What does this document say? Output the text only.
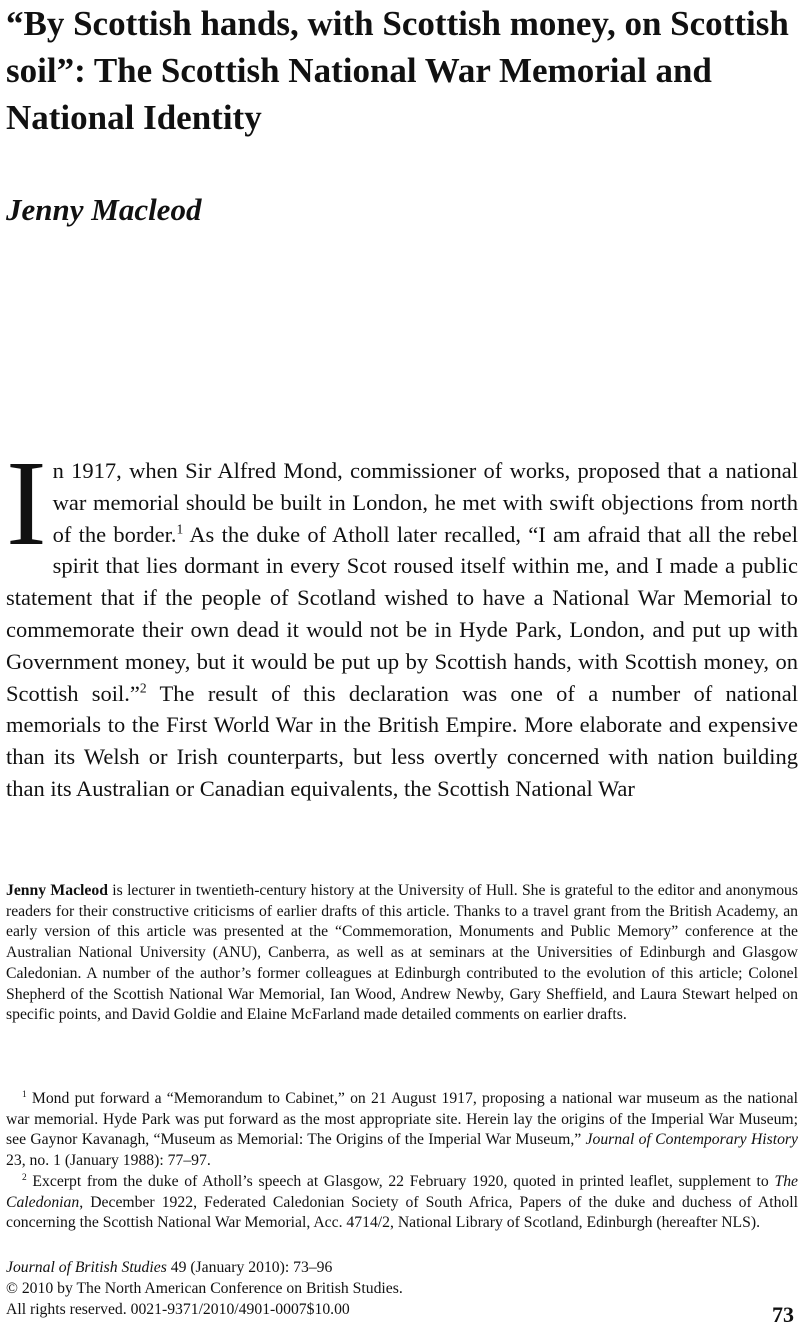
“By Scottish hands, with Scottish money, on Scottish soil”: The Scottish National War Memorial and National Identity
Jenny Macleod

In 1917, when Sir Alfred Mond, commissioner of works, proposed that a national war memorial should be built in London, he met with swift objections from north of the border.$^1$ As the duke of Atholl later recalled, “I am afraid that all the rebel spirit that lies dormant in every Scot roused itself within me, and I made a public statement that if the people of Scotland wished to have a National War Memorial to commemorate their own dead it would not be in Hyde Park, London, and put up with Government money, but it would be put up by Scottish hands, with Scottish money, on Scottish soil.”$^2$ The result of this declaration was one of a number of national memorials to the First World War in the British Empire. More elaborate and expensive than its Welsh or Irish counterparts, but less overtly concerned with nation building than its Australian or Canadian equivalents, the Scottish National War

Jenny Macleod is lecturer in twentieth-century history at the University of Hull. She is grateful to the editor and anonymous readers for their constructive criticisms of earlier drafts of this article. Thanks to a travel grant from the British Academy, an early version of this article was presented at the “Commemoration, Monuments and Public Memory” conference at the Australian National University (ANU), Canberra, as well as at seminars at the Universities of Edinburgh and Glasgow Caledonian. A number of the author’s former colleagues at Edinburgh contributed to the evolution of this article; Colonel Shepherd of the Scottish National War Memorial, Ian Wood, Andrew Newby, Gary Sheffield, and Laura Stewart helped on specific points, and David Goldie and Elaine McFarland made detailed comments on earlier drafts.

$^1$ Mond put forward a “Memorandum to Cabinet,” on 21 August 1917, proposing a national war museum as the national war memorial. Hyde Park was put forward as the most appropriate site. Herein lay the origins of the Imperial War Museum; see Gaynor Kavanagh, “Museum as Memorial: The Origins of the Imperial War Museum,” Journal of Contemporary History 23, no. 1 (January 1988): 77–97.

$^2$ Excerpt from the duke of Atholl’s speech at Glasgow, 22 February 1920, quoted in printed leaflet, supplement to The Caledonian, December 1922, Federated Caledonian Society of South Africa, Papers of the duke and duchess of Atholl concerning the Scottish National War Memorial, Acc. 4714/2, National Library of Scotland, Edinburgh (hereafter NLS).

Journal of British Studies 49 (January 2010): 73–96
© 2010 by The North American Conference on British Studies.
All rights reserved. 0021-9371/2010/4901-0007$10.00	73
